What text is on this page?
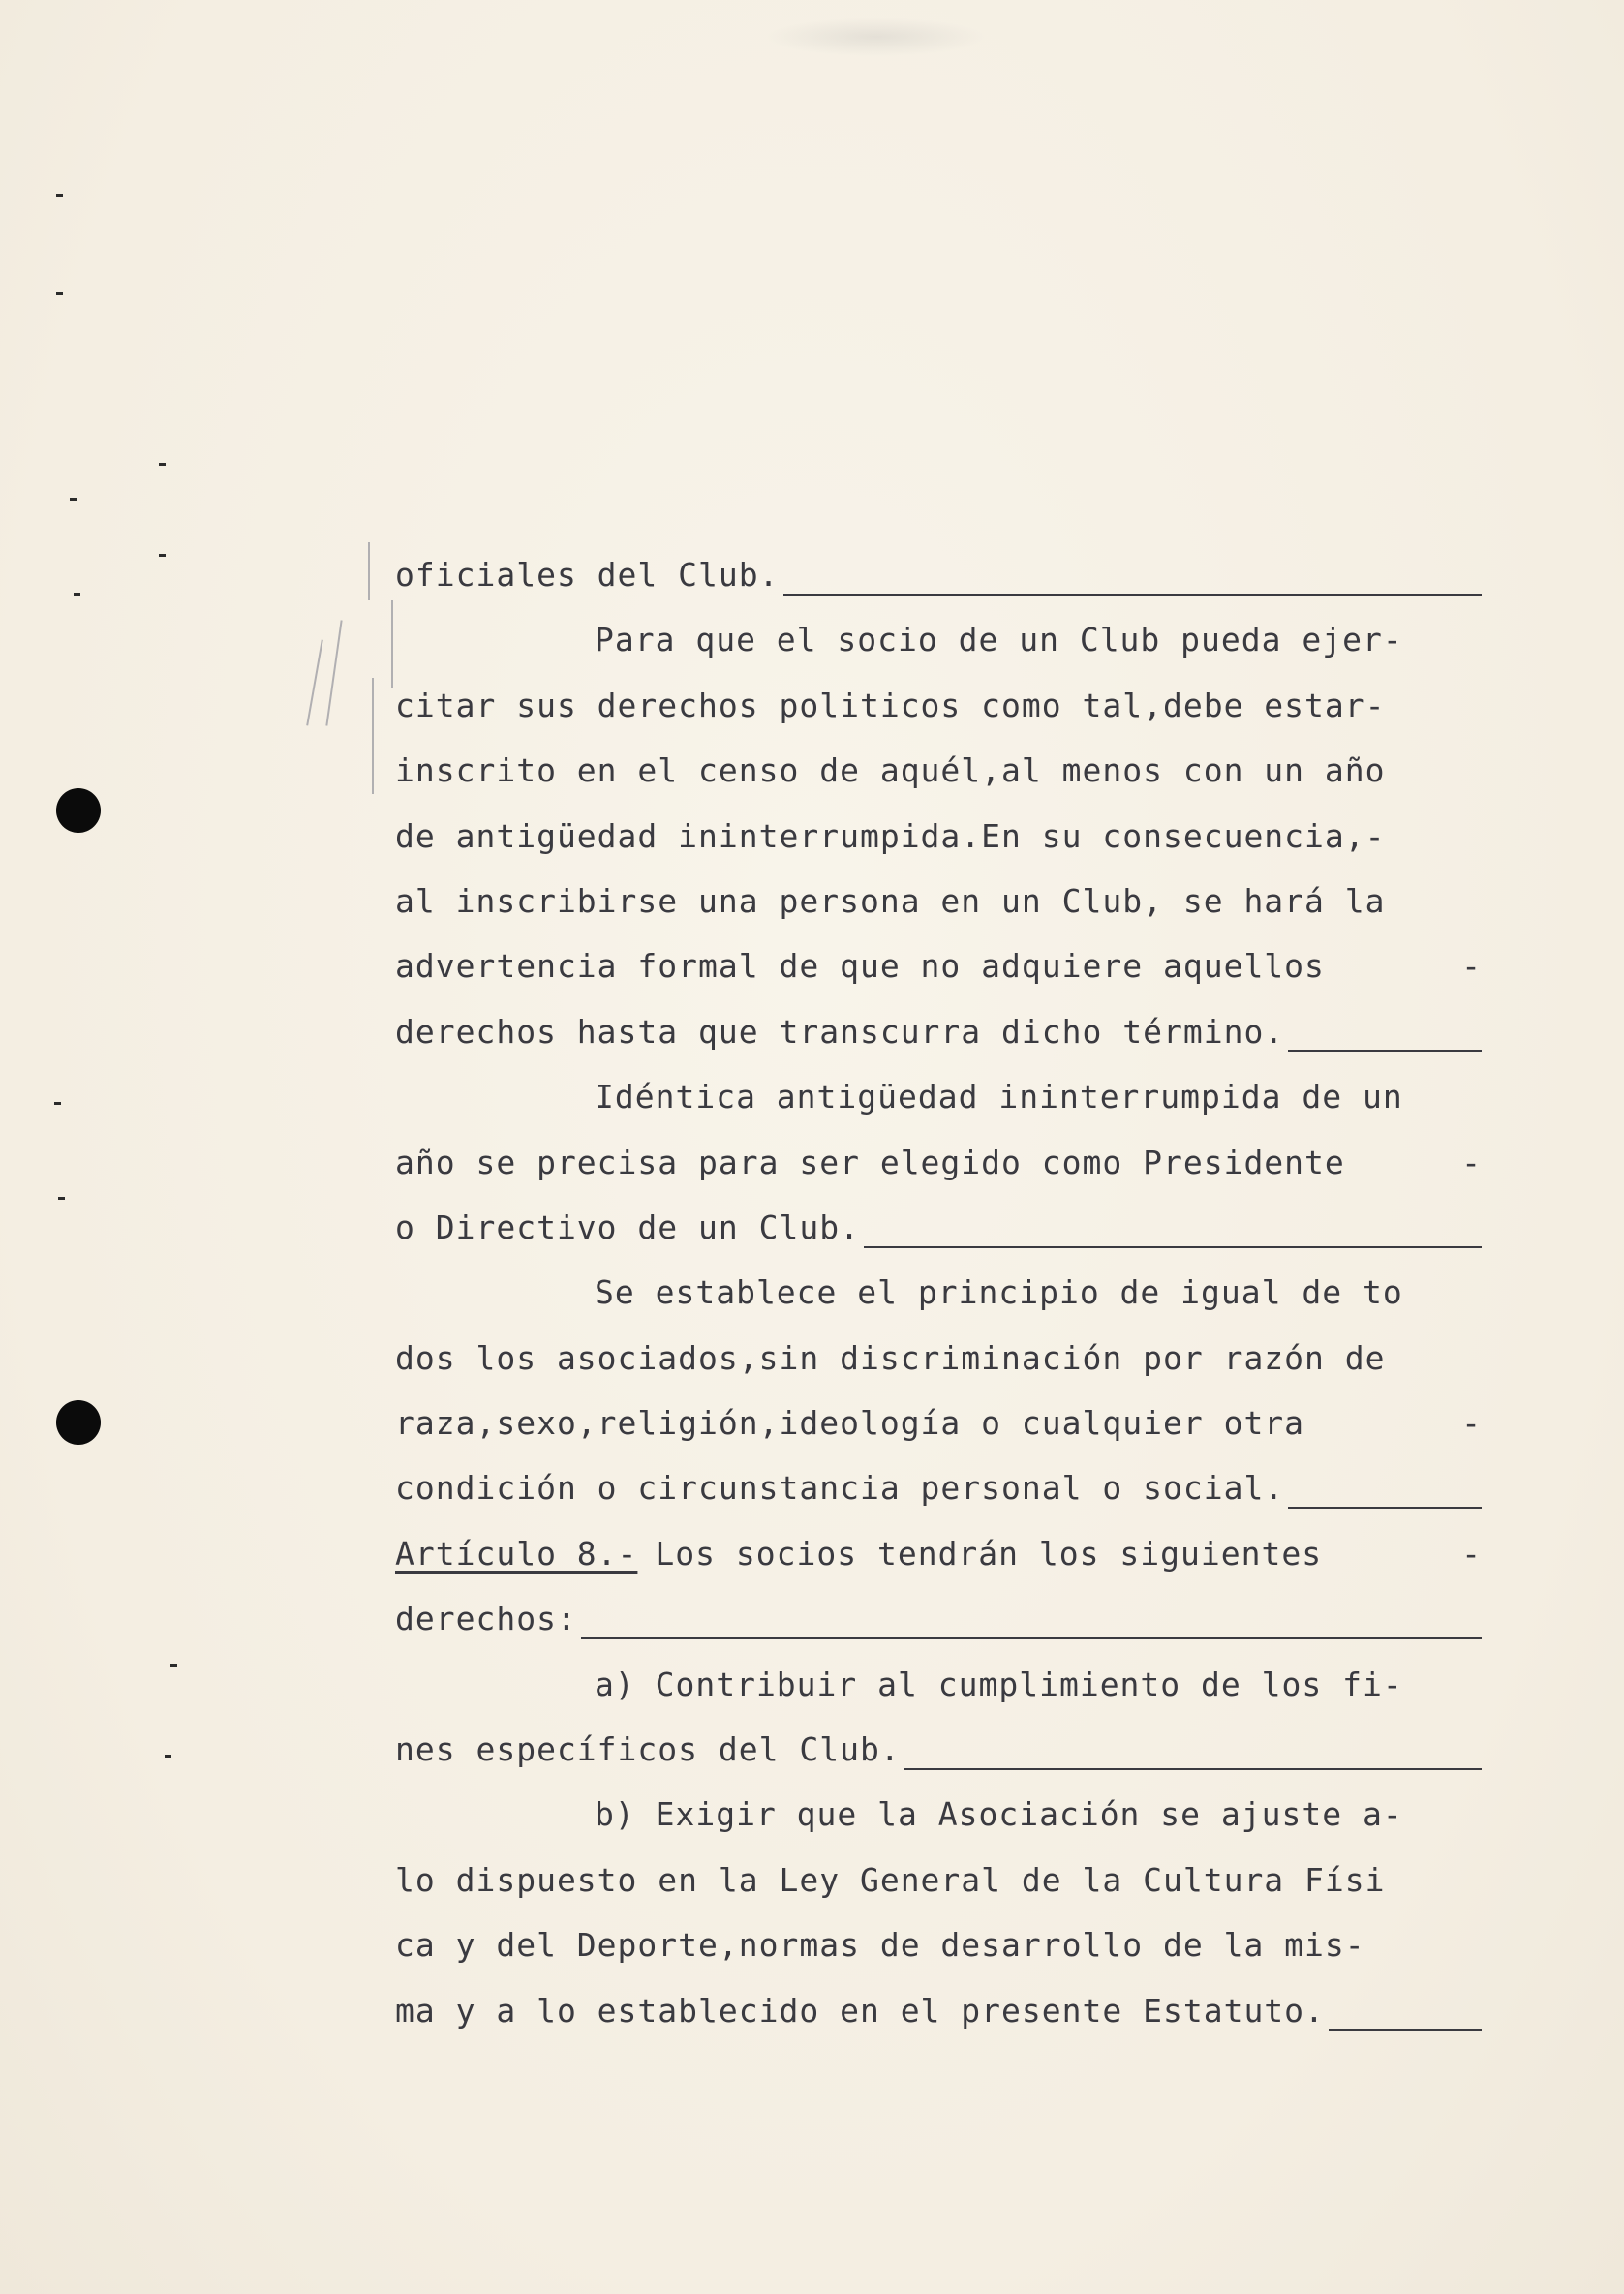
oficiales del Club.
Para que el socio de un Club pueda ejer-
citar sus derechos politicos como tal,debe estar-
inscrito en el censo de aquél,al menos con un año
de antigüedad ininterrumpida.En su consecuencia,-
al inscribirse una persona en un Club, se hará la
advertencia formal de que no adquiere aquellos	-
derechos hasta que transcurra dicho término.
Idéntica antigüedad ininterrumpida de un
año se precisa para ser elegido como Presidente	-
o Directivo de un Club.
Se establece el principio de igual de to
dos los asociados,sin discriminación por razón de
raza,sexo,religión,ideología o cualquier otra	-
condición o circunstancia personal o social.
Artículo 8.- Los socios tendrán los siguientes	-
derechos:
a) Contribuir al cumplimiento de los fi-
nes específicos del Club.
b) Exigir que la Asociación se ajuste a-
lo dispuesto en la Ley General de la Cultura Físi
ca y del Deporte,normas de desarrollo de la mis-
ma y a lo establecido en el presente Estatuto.
